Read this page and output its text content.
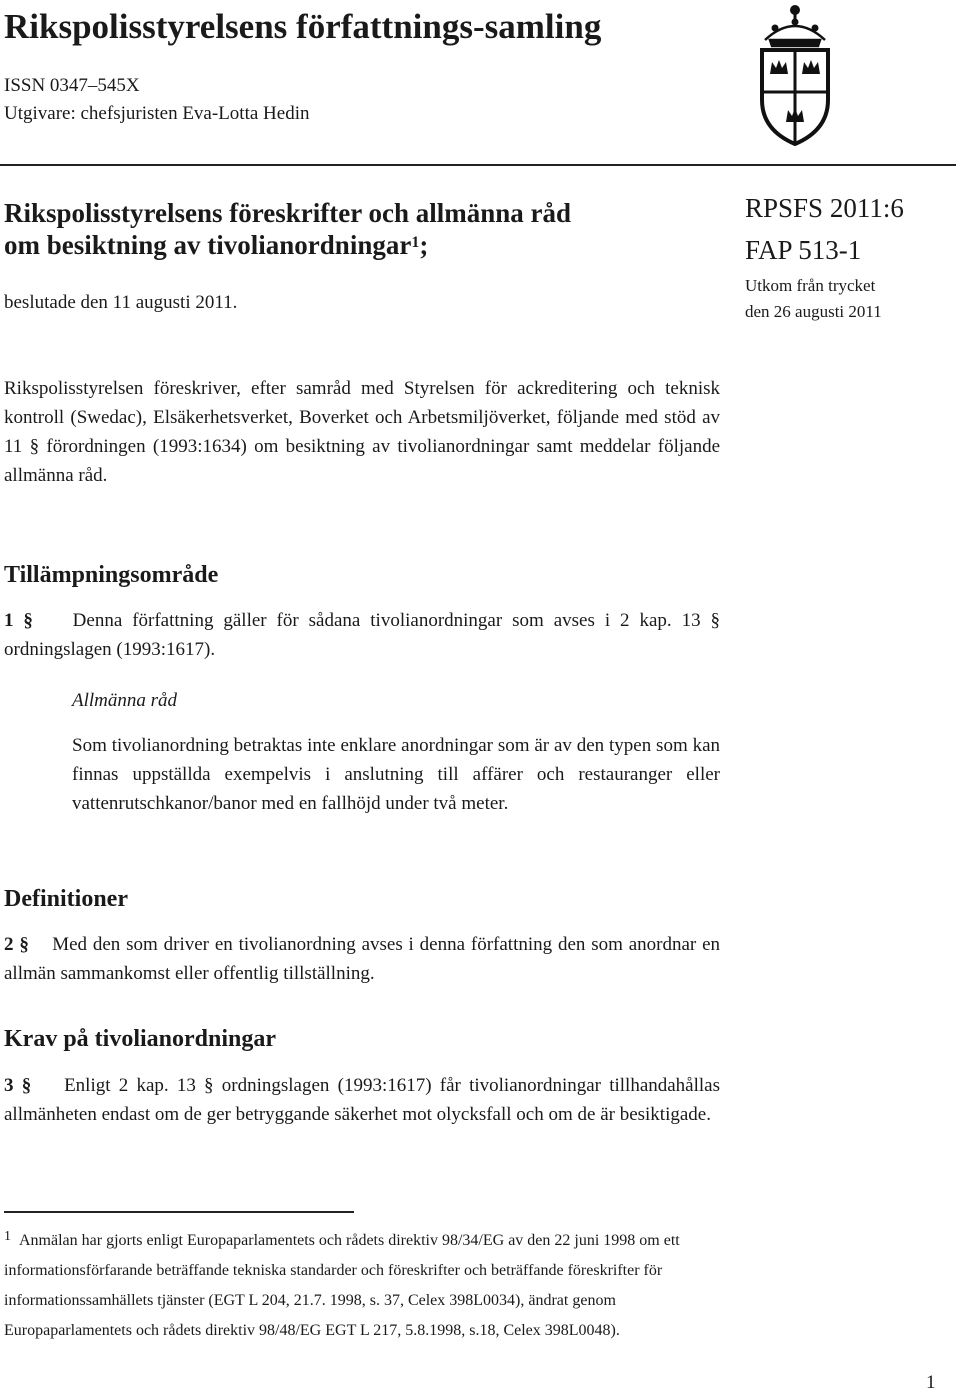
Rikspolisstyrelsens författnings-samling
ISSN 0347–545X
Utgivare: chefsjuristen Eva-Lotta Hedin
Rikspolisstyrelsens föreskrifter och allmänna råd
om besiktning av tivolianordningar$^1$;
beslutade den 11 augusti 2011.
RPSFS 2011:6
FAP 513-1
Utkom från trycket
den 26 augusti 2011
Rikspolisstyrelsen föreskriver, efter samråd med Styrelsen för ackreditering och teknisk kontroll (Swedac), Elsäkerhetsverket, Boverket och Arbetsmiljöverket, följande med stöd av 11 § förordningen (1993:1634) om besiktning av tivolianordningar samt meddelar följande allmänna råd.
Tillämpningsområde
1 § Denna författning gäller för sådana tivolianordningar som avses i 2 kap. 13 § ordningslagen (1993:1617).
Allmänna råd
Som tivolianordning betraktas inte enklare anordningar som är av den typen som kan finnas uppställda exempelvis i anslutning till affärer och restauranger eller vattenrutschkanor/banor med en fallhöjd under två meter.
Definitioner
2 § Med den som driver en tivolianordning avses i denna författning den som anordnar en allmän sammankomst eller offentlig tillställning.
Krav på tivolianordningar
3 § Enligt 2 kap. 13 § ordningslagen (1993:1617) får tivolianordningar tillhandahållas allmänheten endast om de ger betryggande säkerhet mot olycksfall och om de är besiktigade.
1 Anmälan har gjorts enligt Europaparlamentets och rådets direktiv 98/34/EG av den 22 juni 1998 om ett informationsförfarande beträffande tekniska standarder och föreskrifter och beträffande föreskrifter för informationssamhällets tjänster (EGT L 204, 21.7. 1998, s. 37, Celex 398L0034), ändrat genom Europaparlamentets och rådets direktiv 98/48/EG EGT L 217, 5.8.1998, s.18, Celex 398L0048).
1
